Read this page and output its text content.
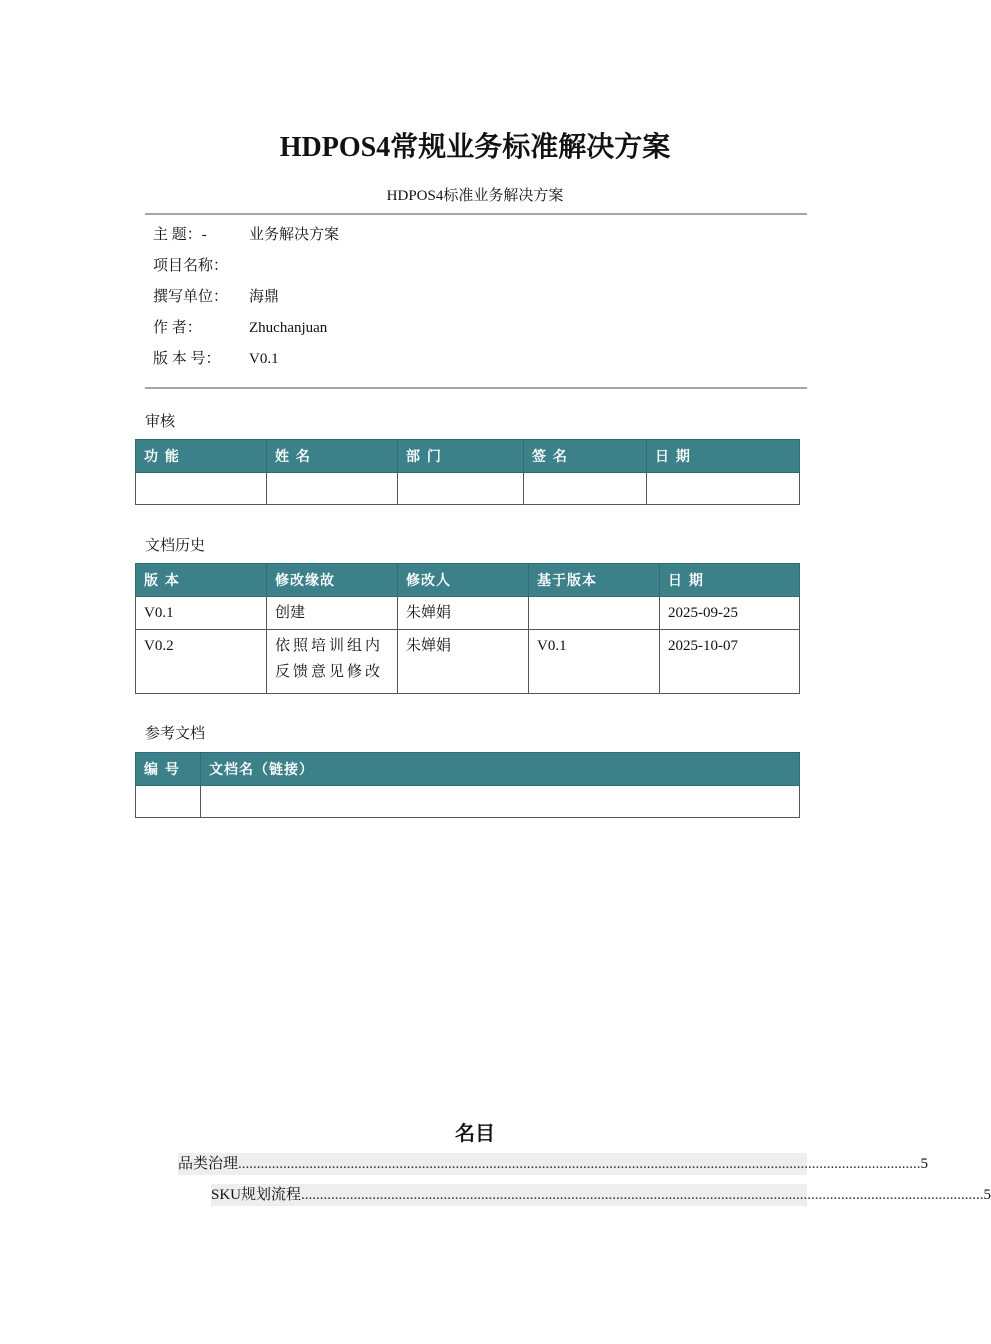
HDPOS4常规业务标准解决方案
HDPOS4标准业务解决方案
主 题：-	业务解决方案
项目名称：
撰写单位：	海鼎
作 者：	Zhuchanjuan
版 本 号：	V0.1
审核
功 能	姓 名	部 门	签 名	日 期

文档历史
版 本	修改缘故	修改人	基于版本	日 期
V0.1	创建	朱婵娟		2025-09-25
V0.2	依照培训组内反馈意见修改	朱婵娟	V0.1	2025-10-07
参考文档
编 号	文档名（链接）

名目
品类治理 ...................................................................................................................................................................................... 5
SKU规划流程 ...................................................................................................................................................................................... 5
